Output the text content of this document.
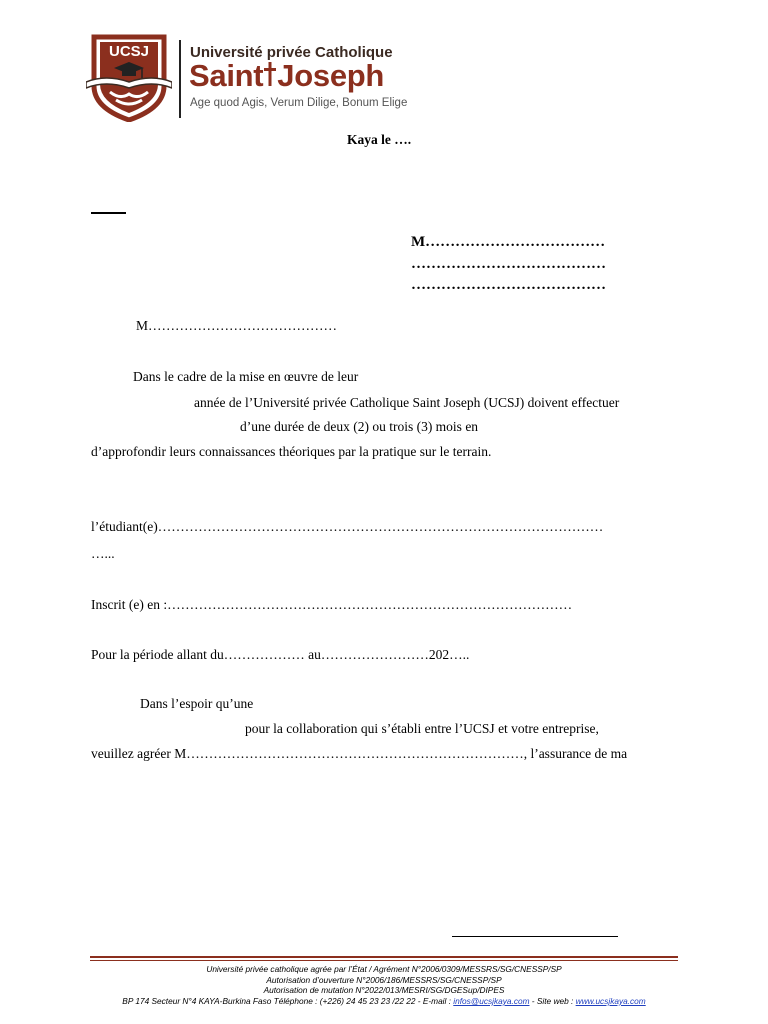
UCSJ	Université privée Catholique
Saint Joseph
Age quod Agis, Verum Dilige, Bonum Elige
Kaya le ….
M………………………………
…………………………………
…………………………………
M……………………………………
Dans le cadre de la mise en œuvre de leur
année de l’Université privée Catholique Saint Joseph (UCSJ) doivent effectuer
d’une durée de deux (2) ou trois (3) mois en
d’approfondir leurs connaissances théoriques par la pratique sur le terrain.
l’étudiant(e)………………………………………………………………………………………
…...
Inscrit (e) en :………………………………………………………………………………
Pour la période allant du……………… au……………………202…..
Dans l’espoir qu’une
pour la collaboration qui s’établi entre l’UCSJ et votre entreprise,
veuillez agréer M…………………………………………………………………, l’assurance de ma
Université privée catholique agrée par l’État / Agrément N°2006/0309/MESSRS/SG/CNESSP/SP
Autorisation d’ouverture N°2006/186/MESSRS/SG/CNESSP/SP
Autorisation de mutation N°2022/013/MESRI/SG/DGESup/DIPES
BP 174 Secteur N°4 KAYA-Burkina Faso Téléphone : (+226) 24 45 23 23 /22 22 - E-mail : infos@ucsjkaya.com - Site web : www.ucsjkaya.com
